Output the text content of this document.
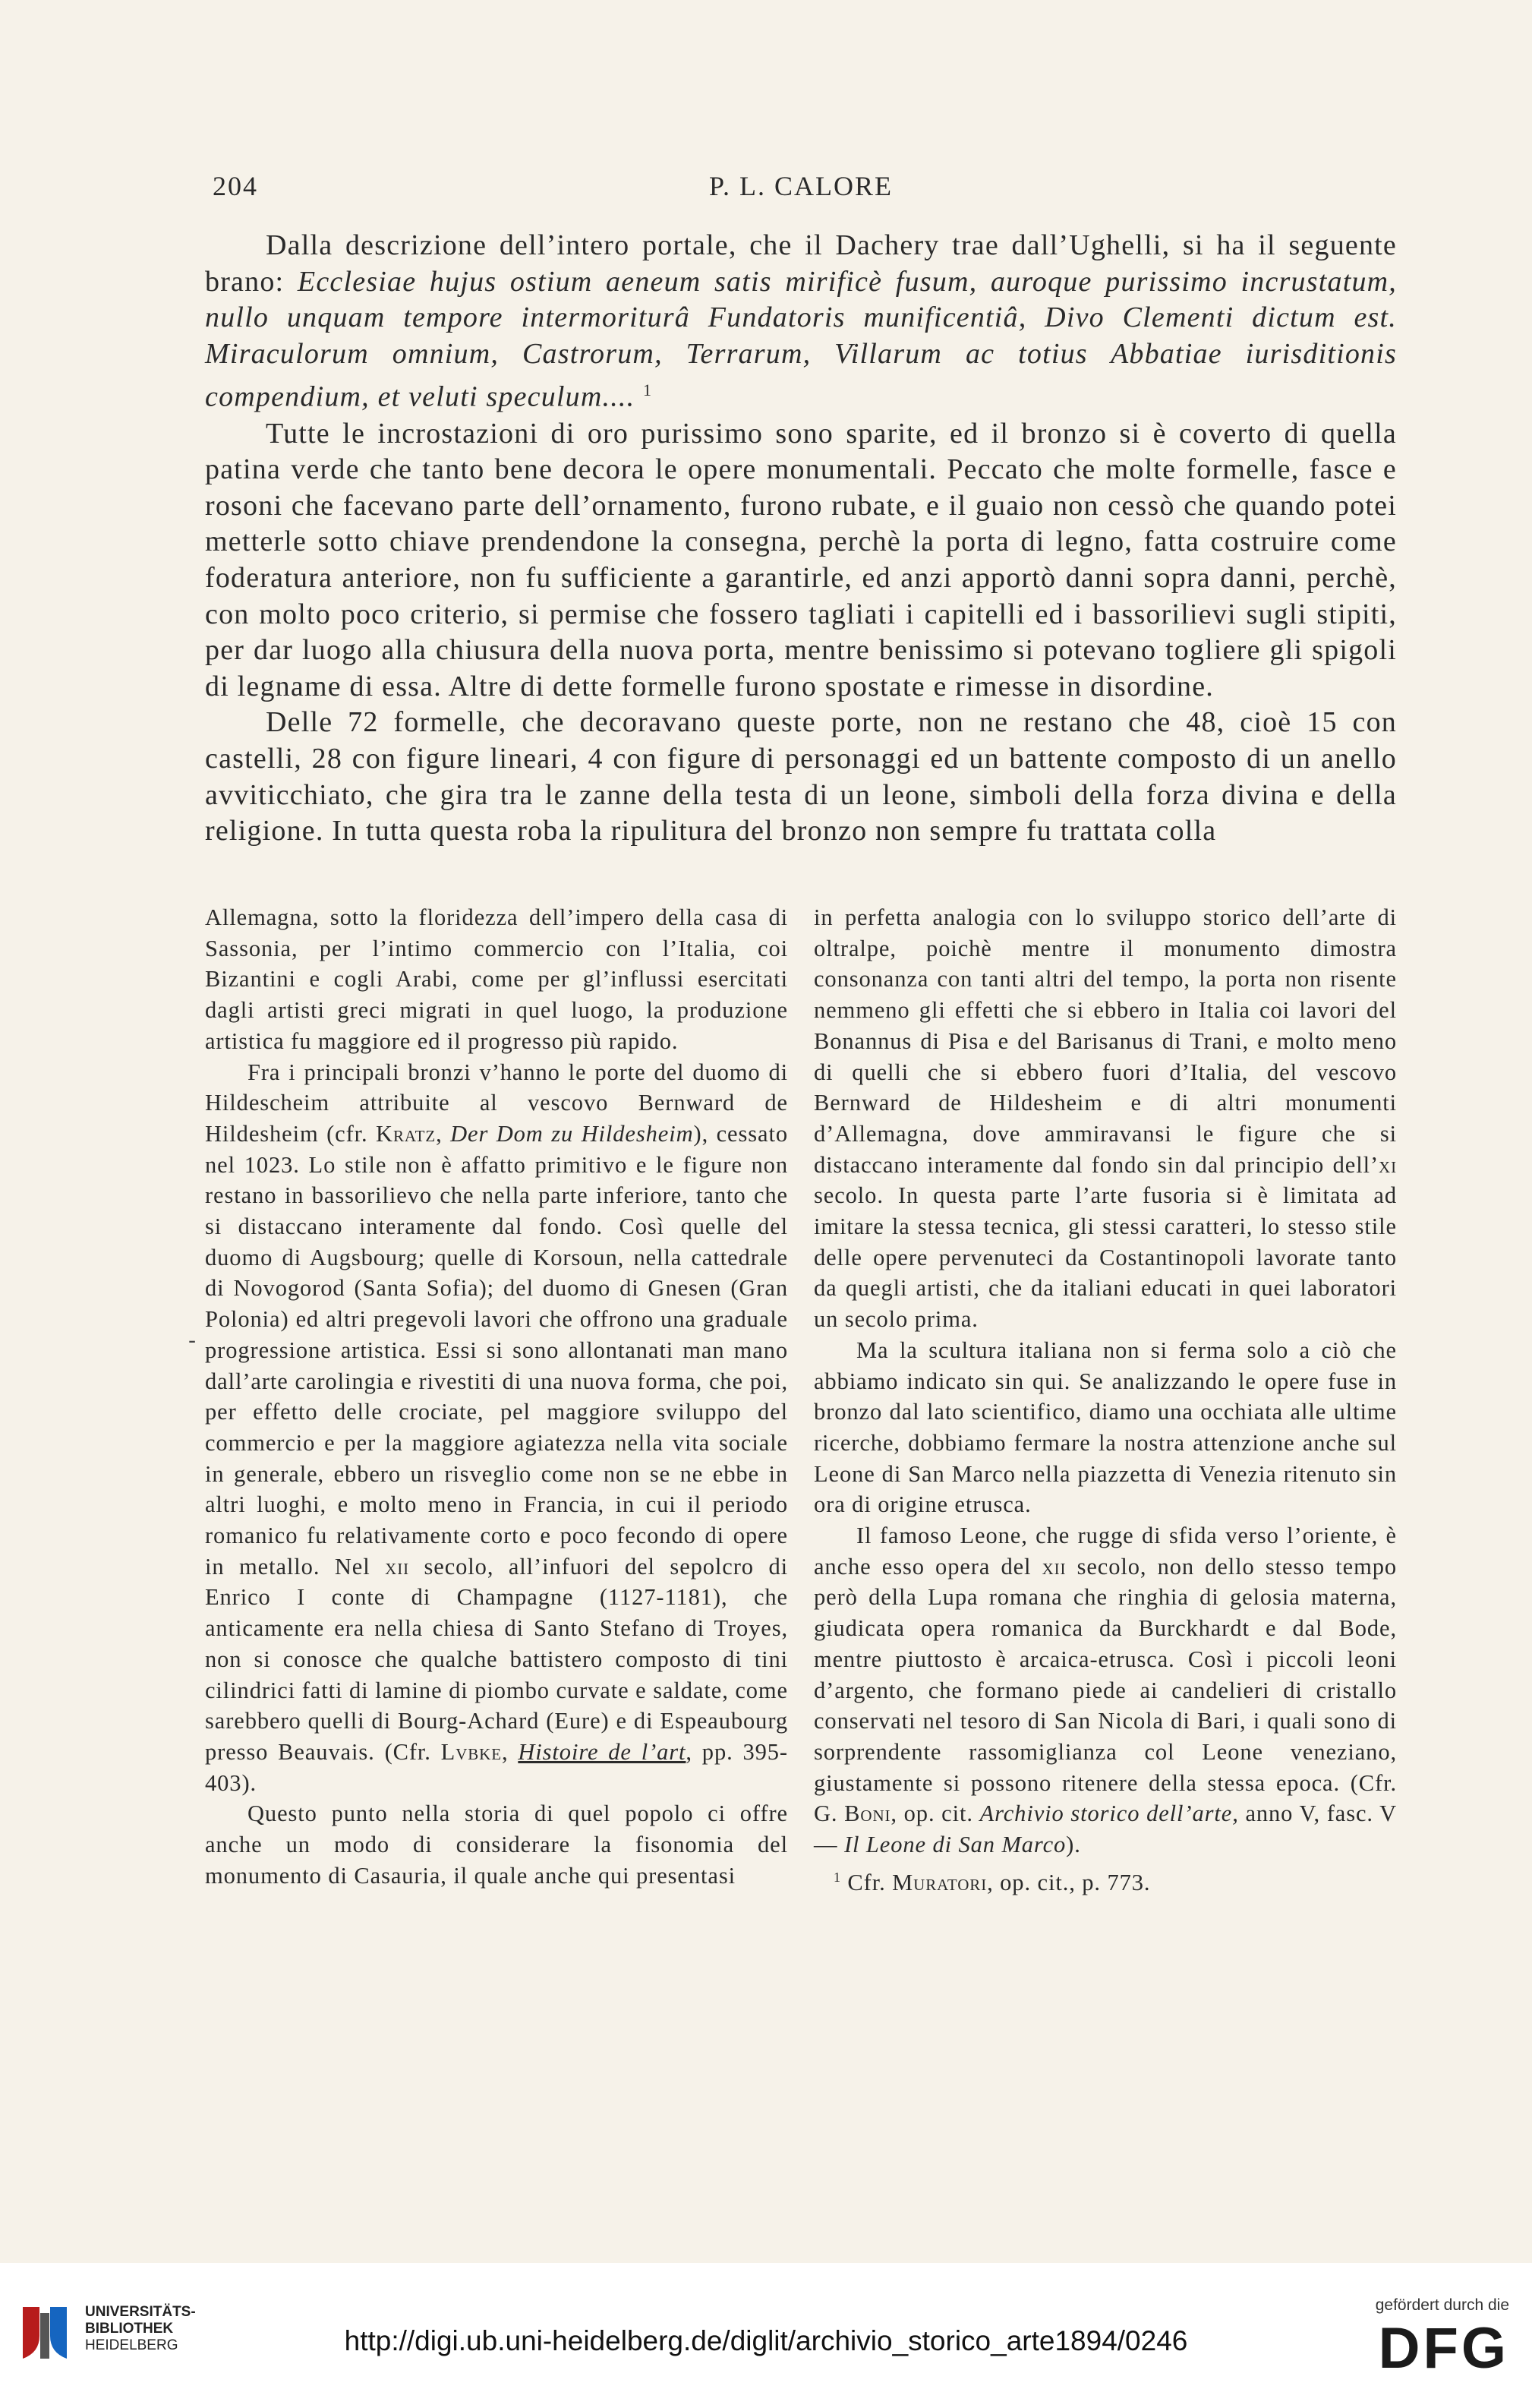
204	P. L. CALORE

Dalla descrizione dell’intero portale, che il Dachery trae dall’Ughelli, si ha il seguente brano: Ecclesiae hujus ostium aeneum satis mirificè fusum, auroque purissimo incrustatum, nullo unquam tempore intermoriturâ Fundatoris munificentiâ, Divo Clementi dictum est. Miraculorum omnium, Castrorum, Terrarum, Villarum ac totius Abbatiae iurisditionis compendium, et veluti speculum.... $^1$

Tutte le incrostazioni di oro purissimo sono sparite, ed il bronzo si è coverto di quella patina verde che tanto bene decora le opere monumentali. Peccato che molte formelle, fasce e rosoni che facevano parte dell’ornamento, furono rubate, e il guaio non cessò che quando potei metterle sotto chiave prendendone la consegna, perchè la porta di legno, fatta costruire come foderatura anteriore, non fu sufficiente a garantirle, ed anzi apportò danni sopra danni, perchè, con molto poco criterio, si permise che fossero tagliati i capitelli ed i bassorilievi sugli stipiti, per dar luogo alla chiusura della nuova porta, mentre benissimo si potevano togliere gli spigoli di legname di essa. Altre di dette formelle furono spostate e rimesse in disordine.

Delle 72 formelle, che decoravano queste porte, non ne restano che 48, cioè 15 con castelli, 28 con figure lineari, 4 con figure di personaggi ed un battente composto di un anello avviticchiato, che gira tra le zanne della testa di un leone, simboli della forza divina e della religione. In tutta questa roba la ripulitura del bronzo non sempre fu trattata colla

Allemagna, sotto la floridezza dell’impero della casa di Sassonia, per l’intimo commercio con l’Italia, coi Bizantini e cogli Arabi, come per gl’influssi esercitati dagli artisti greci migrati in quel luogo, la produzione artistica fu maggiore ed il progresso più rapido.

Fra i principali bronzi v’hanno le porte del duomo di Hildescheim attribuite al vescovo Bernward de Hildesheim (cfr. Kratz, Der Dom zu Hildesheim), cessato nel 1023. Lo stile non è affatto primitivo e le figure non restano in bassorilievo che nella parte inferiore, tanto che si distaccano interamente dal fondo. Così quelle del duomo di Augsbourg; quelle di Korsoun, nella cattedrale di Novogorod (Santa Sofia); del duomo di Gnesen (Gran Polonia) ed altri pregevoli lavori che offrono una graduale progressione artistica. Essi si sono allontanati man mano dall’arte carolingia e rivestiti di una nuova forma, che poi, per effetto delle crociate, pel maggiore sviluppo del commercio e per la maggiore agiatezza nella vita sociale in generale, ebbero un risveglio come non se ne ebbe in altri luoghi, e molto meno in Francia, in cui il periodo romanico fu relativamente corto e poco fecondo di opere in metallo. Nel xii secolo, all’infuori del sepolcro di Enrico I conte di Champagne (1127-1181), che anticamente era nella chiesa di Santo Stefano di Troyes, non si conosce che qualche battistero composto di tini cilindrici fatti di lamine di piombo curvate e saldate, come sarebbero quelli di Bourg-Achard (Eure) e di Espeaubourg presso Beauvais. (Cfr. Lvbke, Histoire de l’art, pp. 395-403).

Questo punto nella storia di quel popolo ci offre anche un modo di considerare la fisonomia del monumento di Casauria, il quale anche qui presentasi

in perfetta analogia con lo sviluppo storico dell’arte di oltralpe, poichè mentre il monumento dimostra consonanza con tanti altri del tempo, la porta non risente nemmeno gli effetti che si ebbero in Italia coi lavori del Bonannus di Pisa e del Barisanus di Trani, e molto meno di quelli che si ebbero fuori d’Italia, del vescovo Bernward de Hildesheim e di altri monumenti d’Allemagna, dove ammiravansi le figure che si distaccano interamente dal fondo sin dal principio dell’xi secolo. In questa parte l’arte fusoria si è limitata ad imitare la stessa tecnica, gli stessi caratteri, lo stesso stile delle opere pervenuteci da Costantinopoli lavorate tanto da quegli artisti, che da italiani educati in quei laboratori un secolo prima.

Ma la scultura italiana non si ferma solo a ciò che abbiamo indicato sin qui. Se analizzando le opere fuse in bronzo dal lato scientifico, diamo una occhiata alle ultime ricerche, dobbiamo fermare la nostra attenzione anche sul Leone di San Marco nella piazzetta di Venezia ritenuto sin ora di origine etrusca.

Il famoso Leone, che rugge di sfida verso l’oriente, è anche esso opera del xii secolo, non dello stesso tempo però della Lupa romana che ringhia di gelosia materna, giudicata opera romanica da Burckhardt e dal Bode, mentre piuttosto è arcaica-etrusca. Così i piccoli leoni d’argento, che formano piede ai candelieri di cristallo conservati nel tesoro di San Nicola di Bari, i quali sono di sorprendente rassomiglianza col Leone veneziano, giustamente si possono ritenere della stessa epoca. (Cfr. G. Boni, op. cit. Archivio storico dell’arte, anno V, fasc. V — Il Leone di San Marco).

$^1$ Cfr. Muratori, op. cit., p. 773.

-
UNIVERSITÄTS-
BIBLIOTHEK
HEIDELBERG	http://digi.ub.uni-heidelberg.de/diglit/archivio_storico_arte1894/0246
gefördert durch die
DFG
